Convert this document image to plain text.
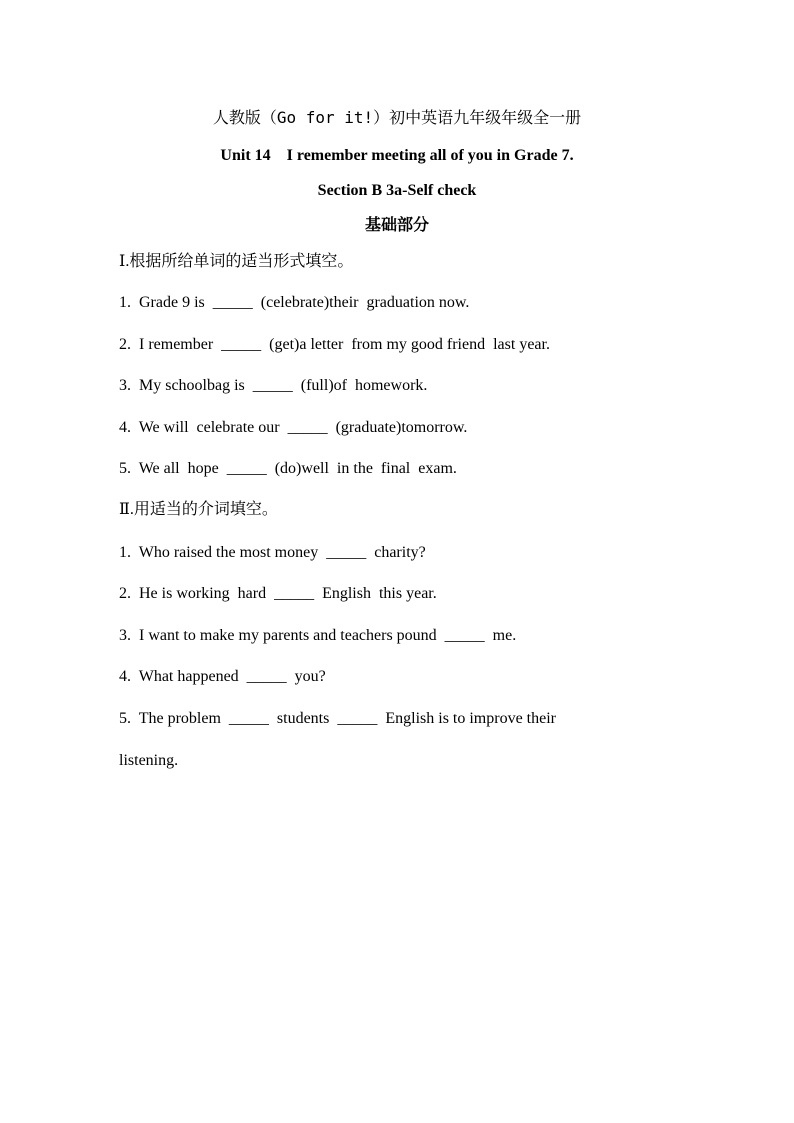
人教版（Go for it!）初中英语九年级年级全一册
Unit 14    I remember meeting all of you in Grade 7.
Section B 3a-Self check
基础部分
Ⅰ.根据所给单词的适当形式填空。
1.  Grade 9 is  _____  (celebrate)their  graduation now.
2.  I remember  _____  (get)a letter  from my good friend  last year.
3.  My schoolbag is  _____  (full)of  homework.
4.  We will  celebrate our  _____  (graduate)tomorrow.
5.  We all  hope  _____  (do)well  in the  final  exam.
Ⅱ.用适当的介词填空。
1.  Who raised the most money  _____  charity?
2.  He is working  hard  _____  English  this year.
3.  I want to make my parents and teachers pound  _____  me.
4.  What happened  _____  you?
5.  The problem  _____  students  _____  English is to improve their
listening.
